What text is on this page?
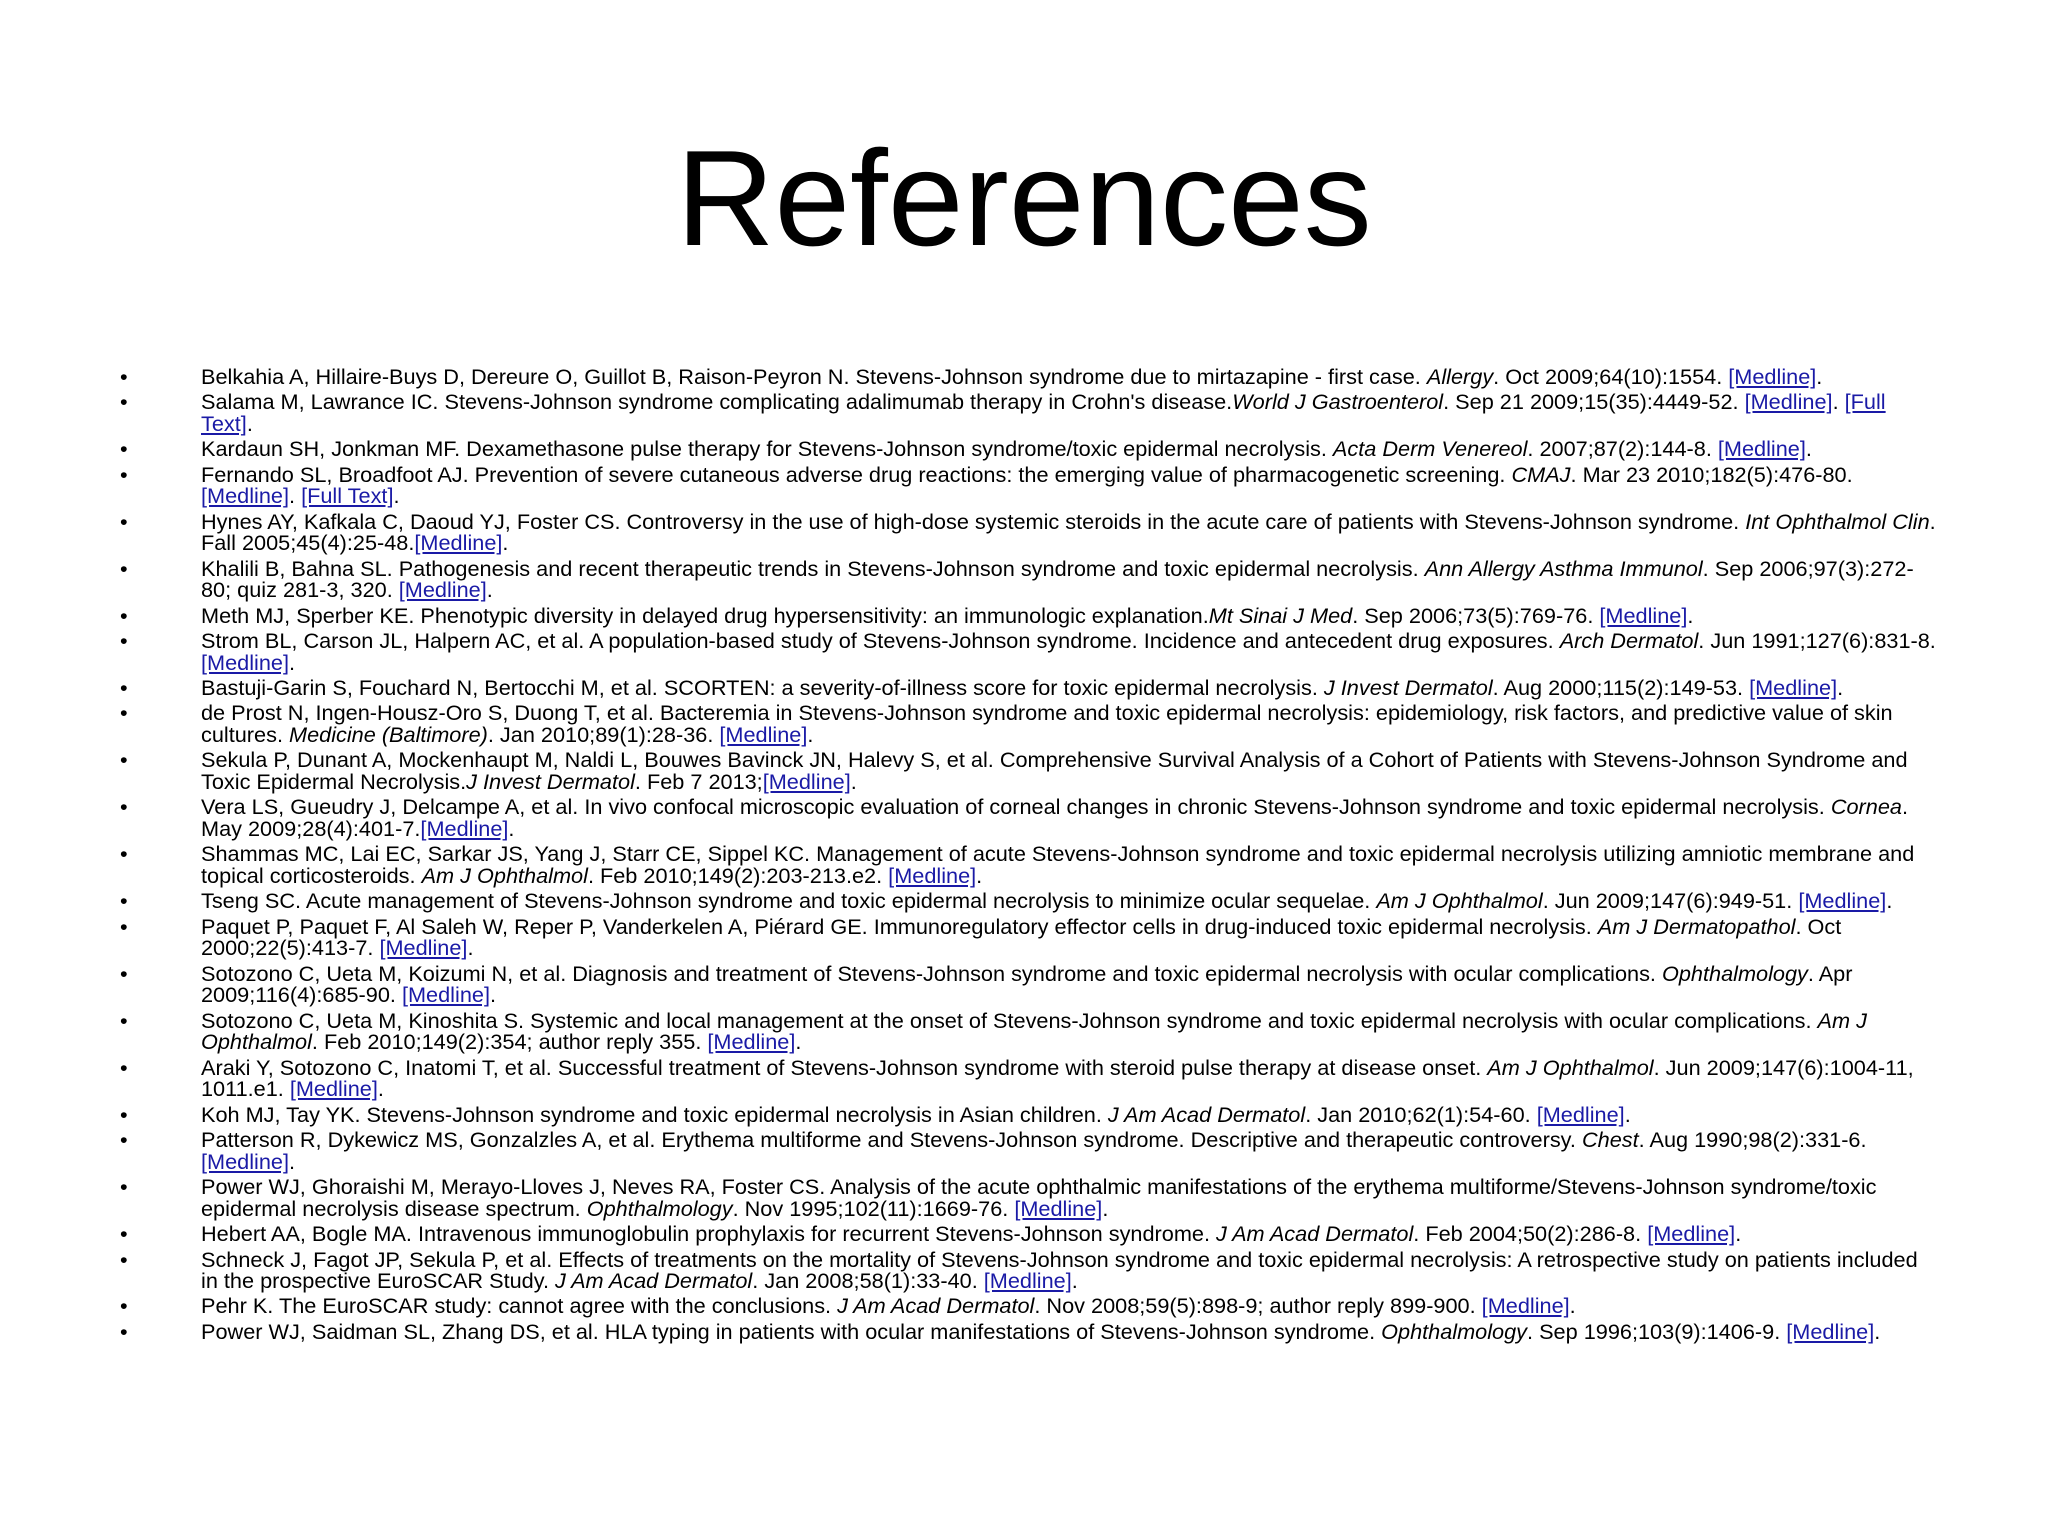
References
•	Belkahia A, Hillaire-Buys D, Dereure O, Guillot B, Raison-Peyron N. Stevens-Johnson syndrome due to mirtazapine - first case. Allergy. Oct 2009;64(10):1554. [Medline].
•	Salama M, Lawrance IC. Stevens-Johnson syndrome complicating adalimumab therapy in Crohn's disease.World J Gastroenterol. Sep 21 2009;15(35):4449-52. [Medline]. [Full Text].
•	Kardaun SH, Jonkman MF. Dexamethasone pulse therapy for Stevens-Johnson syndrome/toxic epidermal necrolysis. Acta Derm Venereol. 2007;87(2):144-8. [Medline].
•	Fernando SL, Broadfoot AJ. Prevention of severe cutaneous adverse drug reactions: the emerging value of pharmacogenetic screening. CMAJ. Mar 23 2010;182(5):476-80. [Medline]. [Full Text].
•	Hynes AY, Kafkala C, Daoud YJ, Foster CS. Controversy in the use of high-dose systemic steroids in the acute care of patients with Stevens-Johnson syndrome. Int Ophthalmol Clin. Fall 2005;45(4):25-48.[Medline].
•	Khalili B, Bahna SL. Pathogenesis and recent therapeutic trends in Stevens-Johnson syndrome and toxic epidermal necrolysis. Ann Allergy Asthma Immunol. Sep 2006;97(3):272-80; quiz 281-3, 320. [Medline].
•	Meth MJ, Sperber KE. Phenotypic diversity in delayed drug hypersensitivity: an immunologic explanation.Mt Sinai J Med. Sep 2006;73(5):769-76. [Medline].
•	Strom BL, Carson JL, Halpern AC, et al. A population-based study of Stevens-Johnson syndrome. Incidence and antecedent drug exposures. Arch Dermatol. Jun 1991;127(6):831-8. [Medline].
•	Bastuji-Garin S, Fouchard N, Bertocchi M, et al. SCORTEN: a severity-of-illness score for toxic epidermal necrolysis. J Invest Dermatol. Aug 2000;115(2):149-53. [Medline].
•	de Prost N, Ingen-Housz-Oro S, Duong T, et al. Bacteremia in Stevens-Johnson syndrome and toxic epidermal necrolysis: epidemiology, risk factors, and predictive value of skin cultures. Medicine (Baltimore). Jan 2010;89(1):28-36. [Medline].
•	Sekula P, Dunant A, Mockenhaupt M, Naldi L, Bouwes Bavinck JN, Halevy S, et al. Comprehensive Survival Analysis of a Cohort of Patients with Stevens-Johnson Syndrome and Toxic Epidermal Necrolysis.J Invest Dermatol. Feb 7 2013;[Medline].
•	Vera LS, Gueudry J, Delcampe A, et al. In vivo confocal microscopic evaluation of corneal changes in chronic Stevens-Johnson syndrome and toxic epidermal necrolysis. Cornea. May 2009;28(4):401-7.[Medline].
•	Shammas MC, Lai EC, Sarkar JS, Yang J, Starr CE, Sippel KC. Management of acute Stevens-Johnson syndrome and toxic epidermal necrolysis utilizing amniotic membrane and topical corticosteroids. Am J Ophthalmol. Feb 2010;149(2):203-213.e2. [Medline].
•	Tseng SC. Acute management of Stevens-Johnson syndrome and toxic epidermal necrolysis to minimize ocular sequelae. Am J Ophthalmol. Jun 2009;147(6):949-51. [Medline].
•	Paquet P, Paquet F, Al Saleh W, Reper P, Vanderkelen A, Piérard GE. Immunoregulatory effector cells in drug-induced toxic epidermal necrolysis. Am J Dermatopathol. Oct 2000;22(5):413-7. [Medline].
•	Sotozono C, Ueta M, Koizumi N, et al. Diagnosis and treatment of Stevens-Johnson syndrome and toxic epidermal necrolysis with ocular complications. Ophthalmology. Apr 2009;116(4):685-90. [Medline].
•	Sotozono C, Ueta M, Kinoshita S. Systemic and local management at the onset of Stevens-Johnson syndrome and toxic epidermal necrolysis with ocular complications. Am J Ophthalmol. Feb 2010;149(2):354; author reply 355. [Medline].
•	Araki Y, Sotozono C, Inatomi T, et al. Successful treatment of Stevens-Johnson syndrome with steroid pulse therapy at disease onset. Am J Ophthalmol. Jun 2009;147(6):1004-11, 1011.e1. [Medline].
•	Koh MJ, Tay YK. Stevens-Johnson syndrome and toxic epidermal necrolysis in Asian children. J Am Acad Dermatol. Jan 2010;62(1):54-60. [Medline].
•	Patterson R, Dykewicz MS, Gonzalzles A, et al. Erythema multiforme and Stevens-Johnson syndrome. Descriptive and therapeutic controversy. Chest. Aug 1990;98(2):331-6. [Medline].
•	Power WJ, Ghoraishi M, Merayo-Lloves J, Neves RA, Foster CS. Analysis of the acute ophthalmic manifestations of the erythema multiforme/Stevens-Johnson syndrome/toxic epidermal necrolysis disease spectrum. Ophthalmology. Nov 1995;102(11):1669-76. [Medline].
•	Hebert AA, Bogle MA. Intravenous immunoglobulin prophylaxis for recurrent Stevens-Johnson syndrome. J Am Acad Dermatol. Feb 2004;50(2):286-8. [Medline].
•	Schneck J, Fagot JP, Sekula P, et al. Effects of treatments on the mortality of Stevens-Johnson syndrome and toxic epidermal necrolysis: A retrospective study on patients included in the prospective EuroSCAR Study. J Am Acad Dermatol. Jan 2008;58(1):33-40. [Medline].
•	Pehr K. The EuroSCAR study: cannot agree with the conclusions. J Am Acad Dermatol. Nov 2008;59(5):898-9; author reply 899-900. [Medline].
•	Power WJ, Saidman SL, Zhang DS, et al. HLA typing in patients with ocular manifestations of Stevens-Johnson syndrome. Ophthalmology. Sep 1996;103(9):1406-9. [Medline].
